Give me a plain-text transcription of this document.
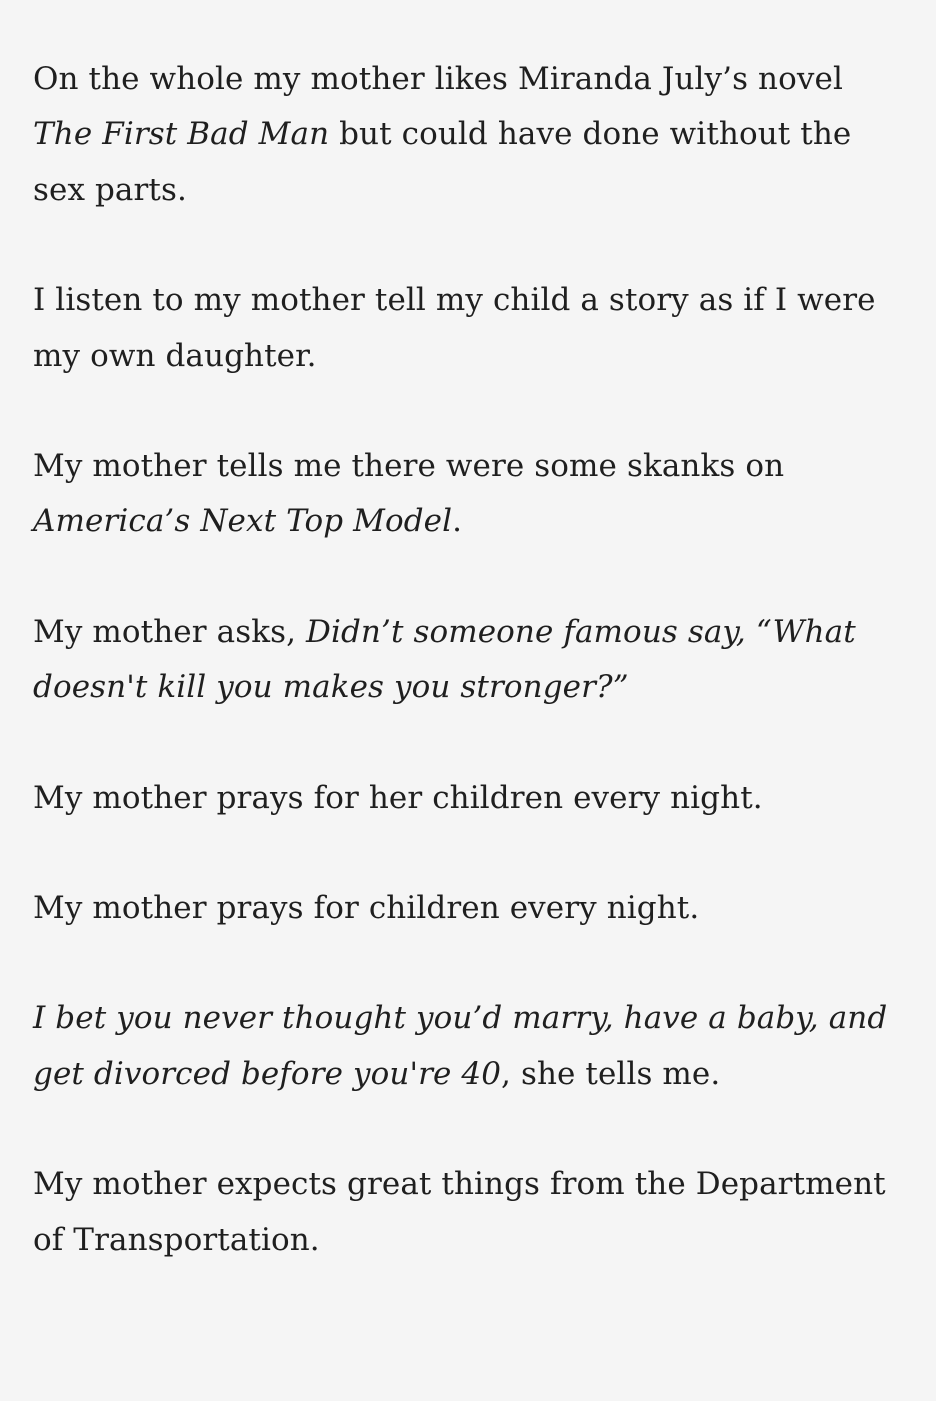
On the whole my mother likes Miranda July’s novel The First Bad Man but could have done without the sex parts.

I listen to my mother tell my child a story as if I were my own daughter.

My mother tells me there were some skanks on America’s Next Top Model.

My mother asks, Didn’t someone famous say, “What doesn't kill you makes you stronger?”

My mother prays for her children every night.

My mother prays for children every night.

I bet you never thought you’d marry, have a baby, and get divorced before you're 40, she tells me.

My mother expects great things from the Department of Transportation.
